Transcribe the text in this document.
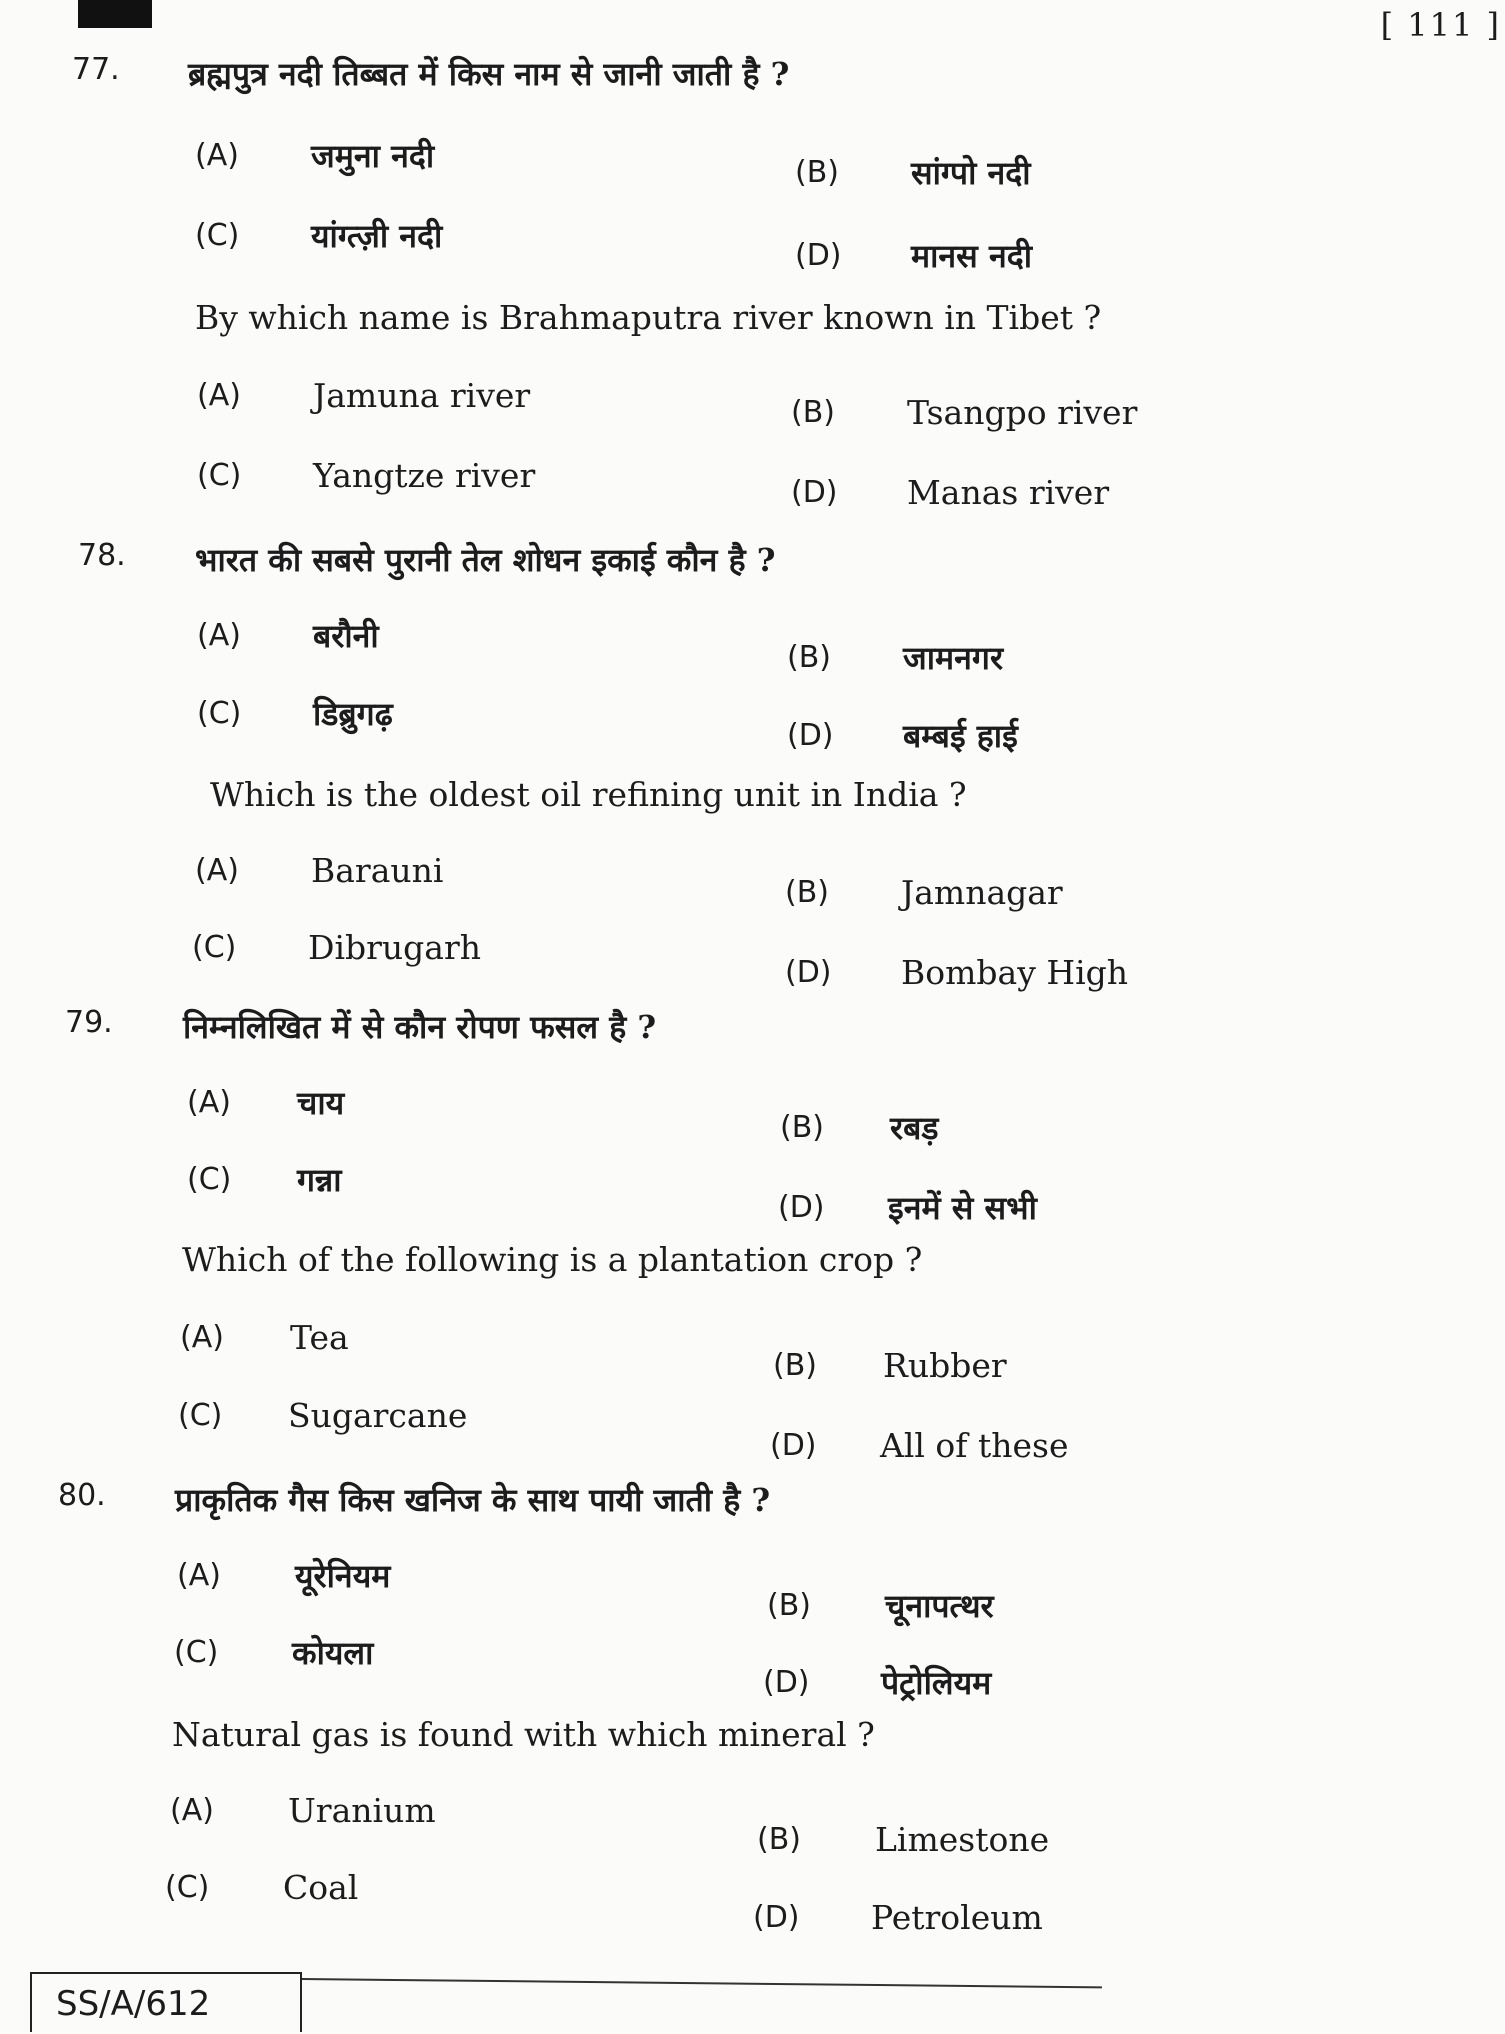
[ 111 ]
77. ब्रह्मपुत्र नदी तिब्बत में किस नाम से जानी जाती है ?
By which name is Brahmaputra river known in Tibet ?
(A) जमुना नदी	(B) सांग्पो नदी
(C) यांग्त्ज़ी नदी
(D) मानस नदी
(A) Jamuna river	(B) Tsangpo river
(C) Yangtze river	(D) Manas river
78. भारत की सबसे पुरानी तेल शोधन इकाई कौन है ?
Which is the oldest oil refining unit in India ?
(A) बरौनी
(B) जामनगर
(C) डिब्रुगढ़
(D) बम्बई हाई
(A) Barauni
(B) Jamnagar
(C) Dibrugarh
(D) Bombay High
79. निम्नलिखित में से कौन रोपण फसल है ?
Which of the following is a plantation crop ?
(A) चाय
(B) रबड़
(C) गन्ना
(D) इनमें से सभी
(A) Tea
(B) Rubber
(C) Sugarcane
(D) All of these
80. प्राकृतिक गैस किस खनिज के साथ पायी जाती है ?
Natural gas is found with which mineral ?
(A) यूरेनियम
(B) चूनापत्थर
(C) कोयला
(D) पेट्रोलियम
(A) Uranium
(B) Limestone
(C) Coal
(D) Petroleum
SS/A/612
